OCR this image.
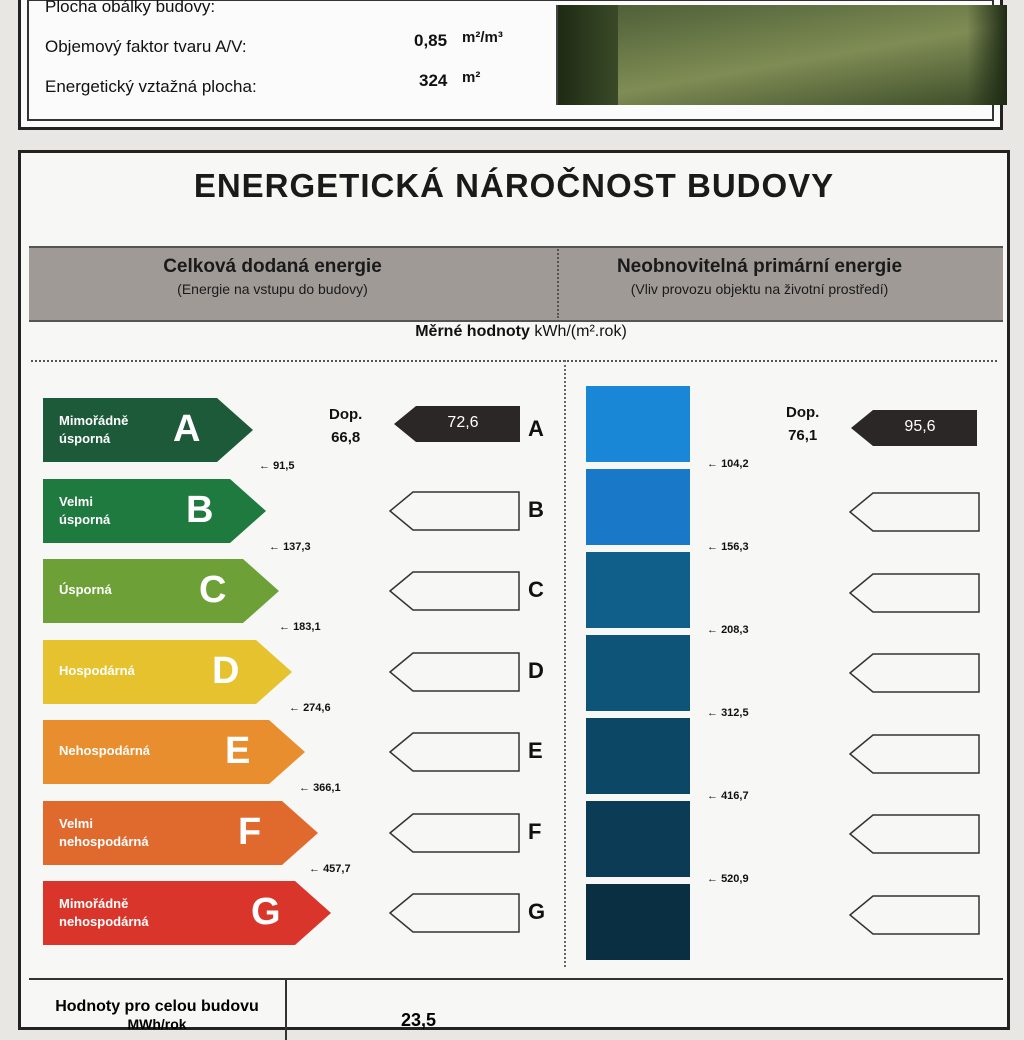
Plocha obálky budovy:
Objemový faktor tvaru A/V:	0,85 m²/m³
Energetický vztažná plocha:	324 m²
ENERGETICKÁ NÁROČNOST BUDOVY
Celková dodaná energie
(Energie na vstupu do budovy)
Neobnovitelná primární energie
(Vliv provozu objektu na životní prostředí)
Měrné hodnoty kWh/(m².rok)
Mimořádně
úsporná	A
Velmi
úsporná B
Úsporná C
Hospodárná D
Nehospodárná E
Velmi
nehospodárná F
Mimořádně
nehospodárná	G
← 91,5
← 137,3
← 183,1
← 274,6
← 366,1
← 457,7
A
B
C
D
E
F
G
← 104,2
← 156,3
← 208,3
← 312,5
← 416,7
← 520,9
Dop.
66,8
72,6
Dop.
76,1
95,6
Hodnoty pro celou budovu
MWh/rok	23,5
